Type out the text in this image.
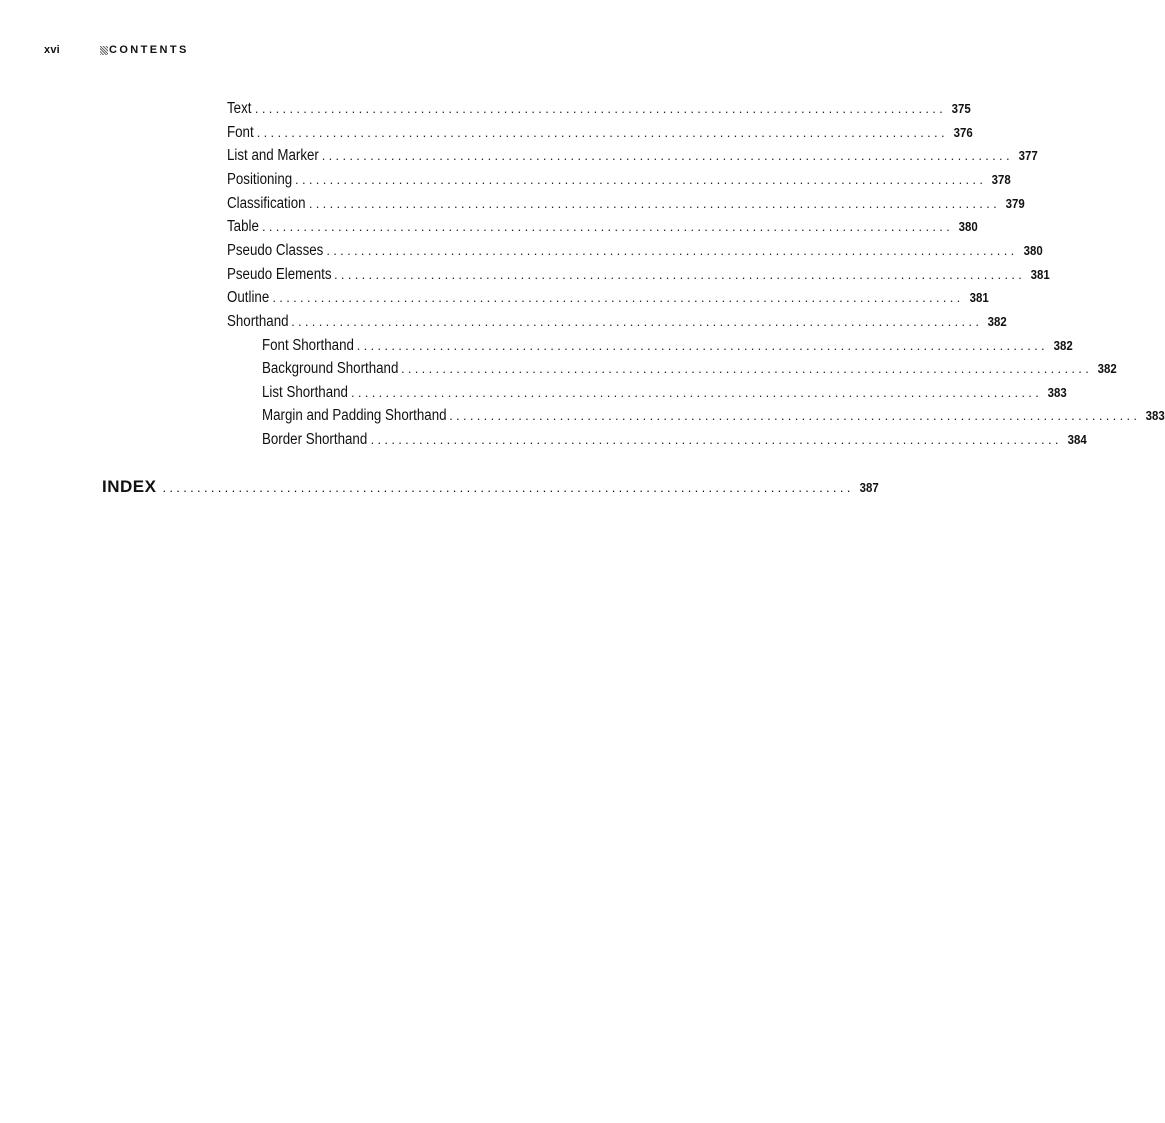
xvi	CONTENTS
Text .................................................................................................... 375
Font .................................................................................................... 376
List and Marker .................................................................................................... 377
Positioning .................................................................................................... 378
Classification .................................................................................................... 379
Table .................................................................................................... 380
Pseudo Classes .................................................................................................... 380
Pseudo Elements .................................................................................................... 381
Outline .................................................................................................... 381
Shorthand .................................................................................................... 382
Font Shorthand .................................................................................................... 382
Background Shorthand .................................................................................................... 382
List Shorthand .................................................................................................... 383
Margin and Padding Shorthand .................................................................................................... 383
Border Shorthand .................................................................................................... 384
INDEX .................................................................................................... 387
